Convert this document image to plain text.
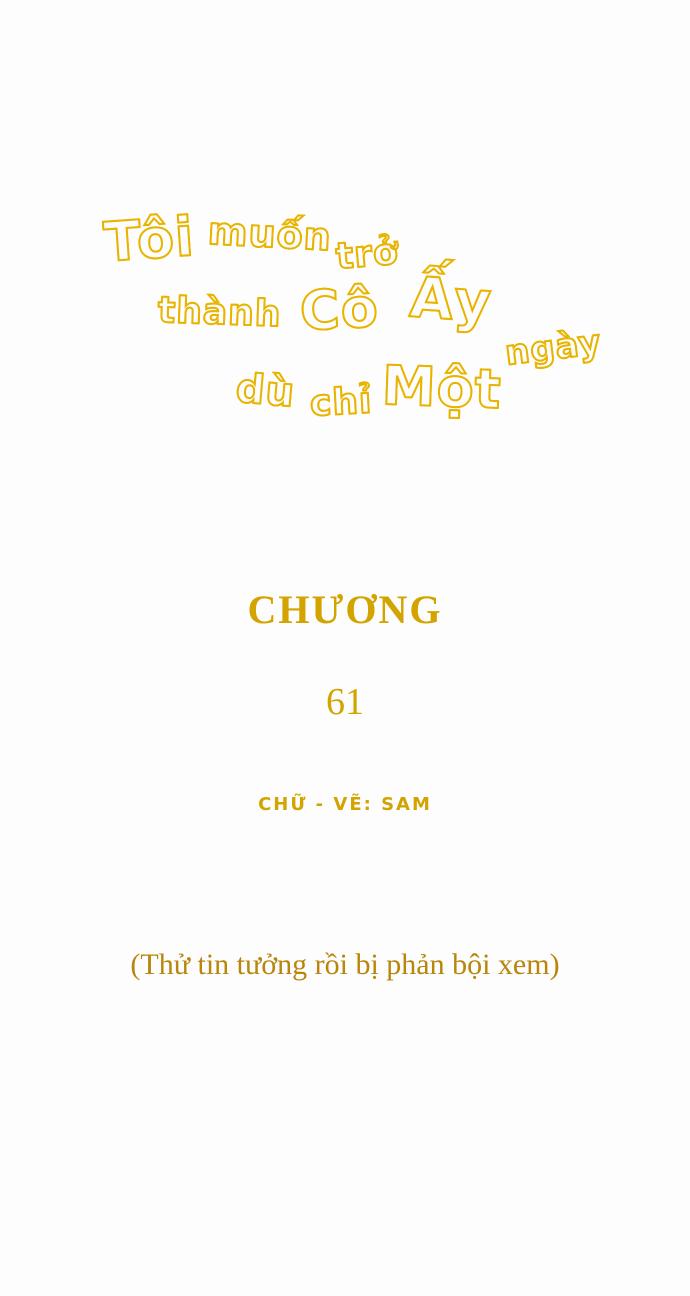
Tôi muốn trở
thành Cô Ấy
ngày
dù chỉ Một
CHƯƠNG
61
CHỮ - VẼ: SAM
(Thử tin tưởng rồi bị phản bội xem)
